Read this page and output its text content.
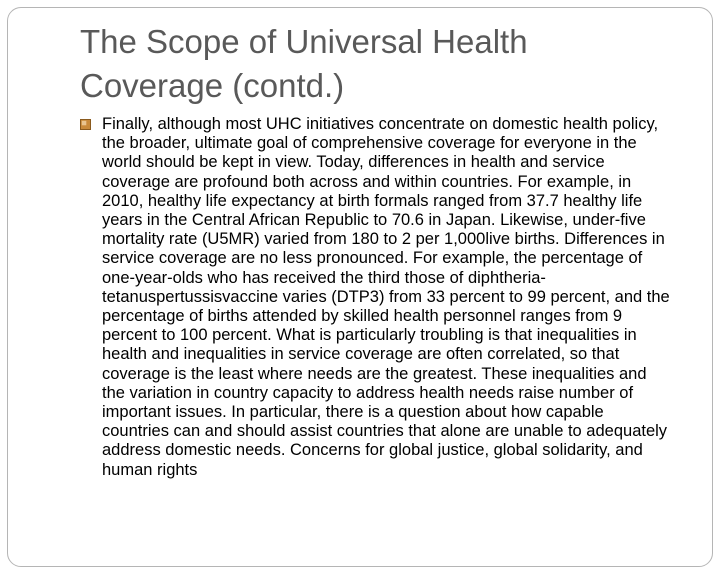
The Scope of Universal Health
Coverage (contd.)

Finally, although most UHC initiatives concentrate on domestic health policy, the broader, ultimate goal of comprehensive coverage for everyone in the world should be kept in view. Today, differences in health and service coverage are profound both across and within countries. For example, in 2010, healthy life expectancy at birth formals ranged from 37.7 healthy life years in the Central African Republic to 70.6 in Japan. Likewise, under-five mortality rate (U5MR) varied from 180 to 2 per 1,000live births. Differences in service coverage are no less pronounced. For example, the percentage of one-year-olds who has received the third those of diphtheria-tetanuspertussisvaccine varies (DTP3) from 33 percent to 99 percent, and the percentage of births attended by skilled health personnel ranges from 9 percent to 100 percent. What is particularly troubling is that inequalities in health and inequalities in service coverage are often correlated, so that coverage is the least where needs are the greatest. These inequalities and the variation in country capacity to address health needs raise number of important issues. In particular, there is a question about how capable countries can and should assist countries that alone are unable to adequately address domestic needs. Concerns for global justice, global solidarity, and human rights
